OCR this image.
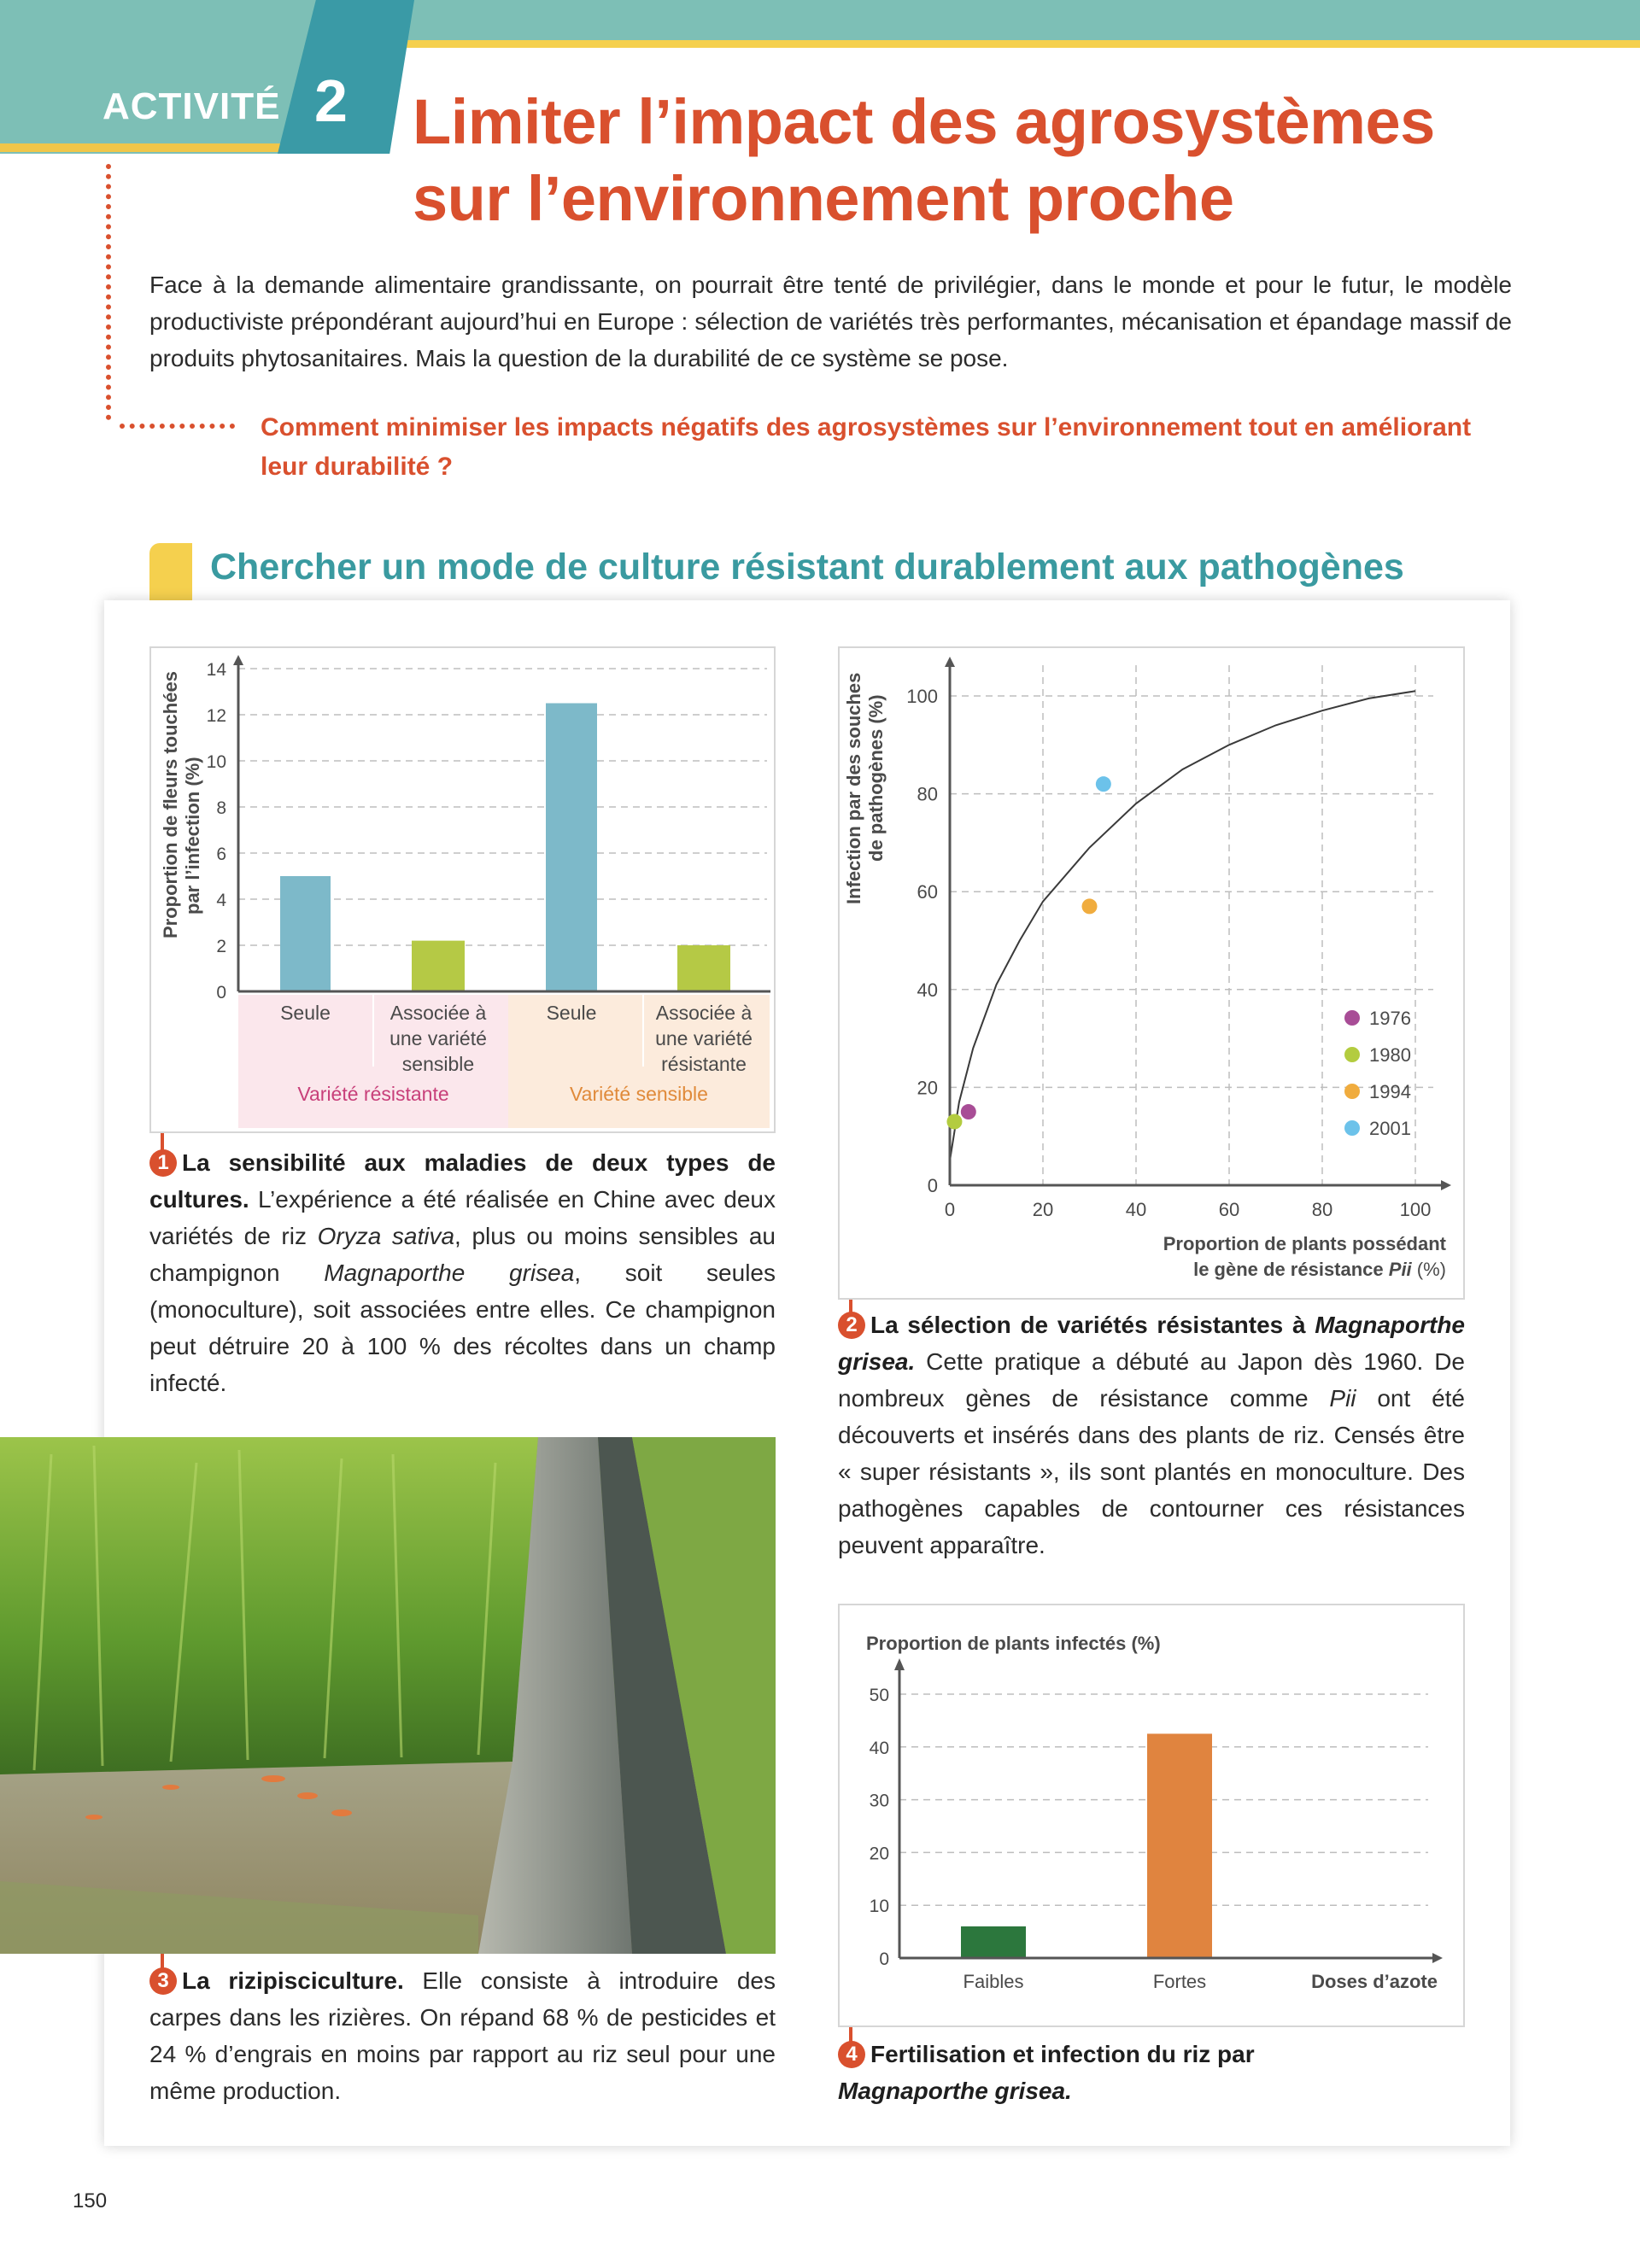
ACTIVITÉ 2 Limiter l’impact des agrosystèmes
sur l’environnement proche

Face à la demande alimentaire grandissante, on pourrait être tenté de privilégier, dans le monde et pour le futur, le modèle productiviste prépondérant aujourd’hui en Europe : sélection de variétés très performantes, mécanisation et épandage massif de produits phytosanitaires. Mais la question de la durabilité de ce système se pose.

Comment minimiser les impacts négatifs des agrosystèmes sur l’environnement tout en améliorant leur durabilité ?

Chercher un mode de culture résistant durablement aux pathogènes
Variété résistante	Variété sensible
0
2
4
6
8
10
12
14
Seule	Associée à
une variété
sensible
Seule	Associée à
une variété
résistante
Proportion de fleurs touchées par l’infection (%)

1 La sensibilité aux maladies de deux types de cultures. L’expérience a été réalisée en Chine avec deux variétés de riz Oryza sativa, plus ou moins sensibles au champignon Magnaporthe grisea, soit seules (monoculture), soit associées entre elles. Ce champignon peut détruire 20 à 100 % des récoltes dans un champ infecté.

0	20	40	60	80	100
0
20
40
60
80
100
1976
1980
1994
2001
Proportion de plants possédant
le gène de résistance Pii (%)
Infection par des souches de pathogènes (%)

2 La sélection de variétés résistantes à Magnaporthe grisea. Cette pratique a débuté au Japon dès 1960. De nombreux gènes de résistance comme Pii ont été découverts et insérés dans des plants de riz. Censés être « super résistants », ils sont plantés en monoculture. Des pathogènes capables de contourner ces résistances peuvent apparaître.

3 La rizipisciculture. Elle consiste à introduire des carpes dans les rizières. On répand 68 % de pesticides et 24 % d’engrais en moins par rapport au riz seul pour une même production.

Proportion de plants infectés (%)
0
10
20
30
40
50
Faibles	Fortes	Doses d’azote

4 Fertilisation et infection du riz par
Magnaporthe grisea.

150
